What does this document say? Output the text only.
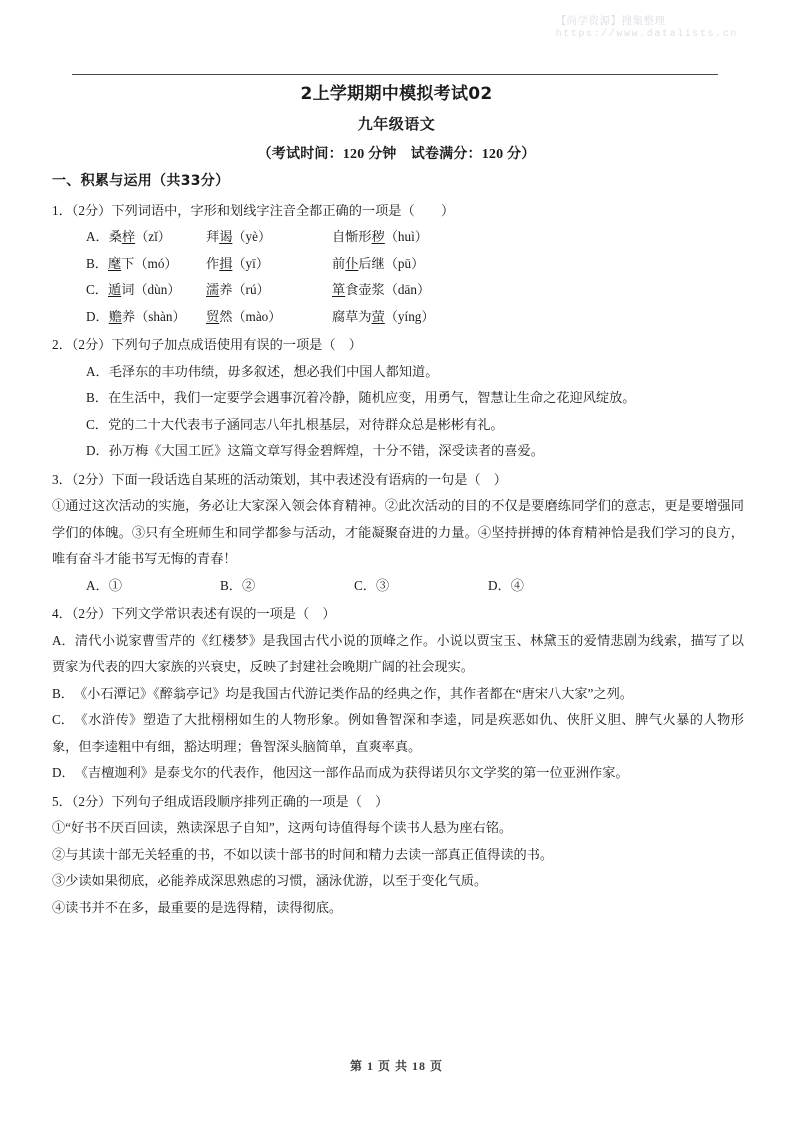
【尚学资源】搜集整理
https://www.datalists.cn
2上学期期中模拟考试02
九年级语文
（考试时间：120 分钟　试卷满分：120 分）
一、积累与运用（共33分）
1．（2分）下列词语中，字形和划线字注音全都正确的一项是（　　）
A．桑梓（zǐ）	拜谒（yè）	自惭形秽（huì）
B．麾下（mó） 作揖（yī）	前仆后继（pū）
C．遁词（dùn） 濡养（rú）	箪食壶浆（dān）
D．赡养（shàn） 贸然（mào）	腐草为萤（yíng）
2．（2分）下列句子加点成语使用有误的一项是（　）
A．毛泽东的丰功伟绩，毋多叙述，想必我们中国人都知道。
B．在生活中，我们一定要学会遇事沉着冷静，随机应变，用勇气，智慧让生命之花迎风绽放。
C．党的二十大代表韦子涵同志八年扎根基层，对待群众总是彬彬有礼。
D．孙万梅《大国工匠》这篇文章写得金碧辉煌，十分不错，深受读者的喜爱。
3．（2分）下面一段话选自某班的活动策划，其中表述没有语病的一句是（　）
①通过这次活动的实施，务必让大家深入领会体育精神。②此次活动的目的不仅是要磨练同学们的意志，更是要增强同学们的体魄。③只有全班师生和同学都参与活动，才能凝聚奋进的力量。④坚持拼搏的体育精神恰是我们学习的良方，唯有奋斗才能书写无悔的青春！
A．①	B．②	C．③	D．④
4．（2分）下列文学常识表述有误的一项是（　）
A．清代小说家曹雪芹的《红楼梦》是我国古代小说的顶峰之作。小说以贾宝玉、林黛玉的爱情悲剧为线索，描写了以贾家为代表的四大家族的兴衰史，反映了封建社会晚期广阔的社会现实。
B．《小石潭记》《醉翁亭记》均是我国古代游记类作品的经典之作，其作者都在“唐宋八大家”之列。
C．《水浒传》塑造了大批栩栩如生的人物形象。例如鲁智深和李逵，同是疾恶如仇、侠肝义胆、脾气火暴的人物形象，但李逵粗中有细，豁达明理；鲁智深头脑简单，直爽率真。
D．《吉檀迦利》是泰戈尔的代表作，他因这一部作品而成为获得诺贝尔文学奖的第一位亚洲作家。
5．（2分）下列句子组成语段顺序排列正确的一项是（　）
①“好书不厌百回读，熟读深思子自知”，这两句诗值得每个读书人悬为座右铭。
②与其读十部无关轻重的书，不如以读十部书的时间和精力去读一部真正值得读的书。
③少读如果彻底，必能养成深思熟虑的习惯，涵泳优游，以至于变化气质。
④读书并不在多，最重要的是选得精，读得彻底。
第 1 页 共 18 页
